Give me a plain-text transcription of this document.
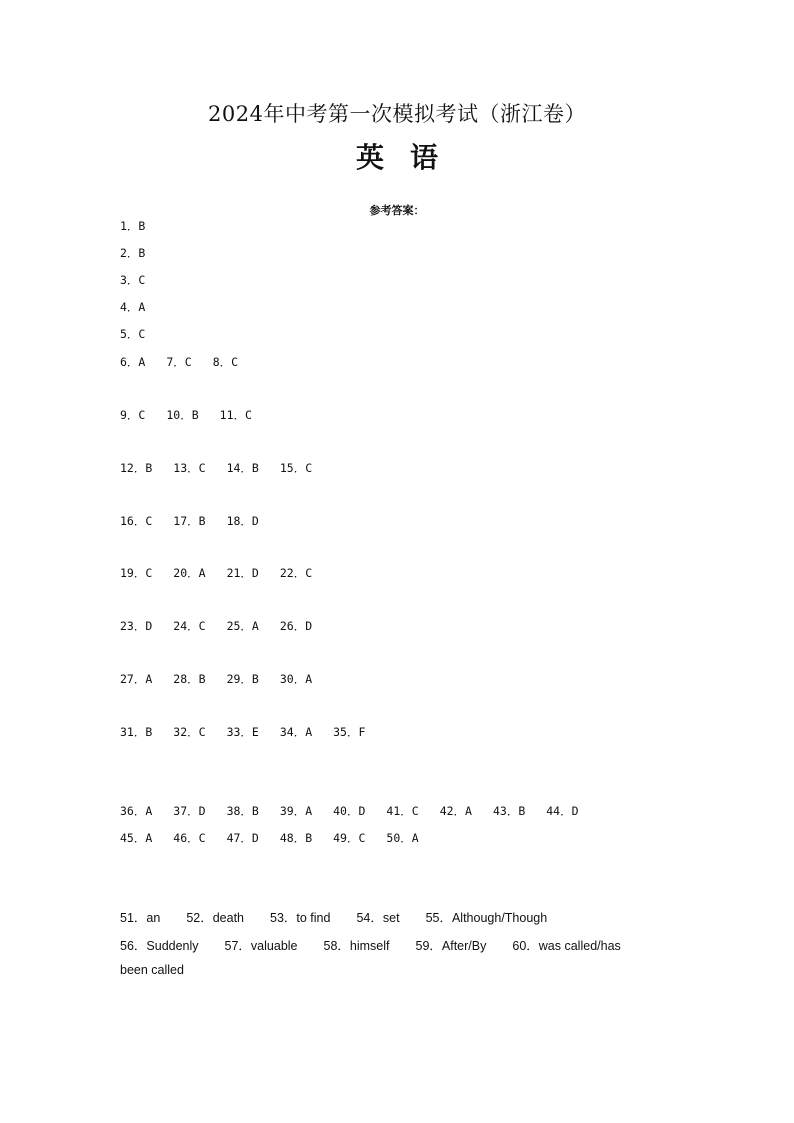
2024年中考第一次模拟考试（浙江卷）
英语
参考答案：
1．B
2．B
3．C
4．A
5．C
6．A 7．C 8．C
9．C 10．B 11．C
12．B 13．C 14．B 15．C
16．C 17．B 18．D
19．C 20．A 21．D 22．C
23．D 24．C 25．A 26．D
27．A 28．B 29．B 30．A
31．B 32．C 33．E 34．A 35．F
36．A 37．D 38．B 39．A 40．D 41．C 42．A 43．B 44．D
45．A 46．C 47．D 48．B 49．C 50．A
51．an 52．death 53．to find 54．set 55．Although/Though
56．Suddenly 57．valuable 58．himself 59．After/By 60．was called/has
been called
